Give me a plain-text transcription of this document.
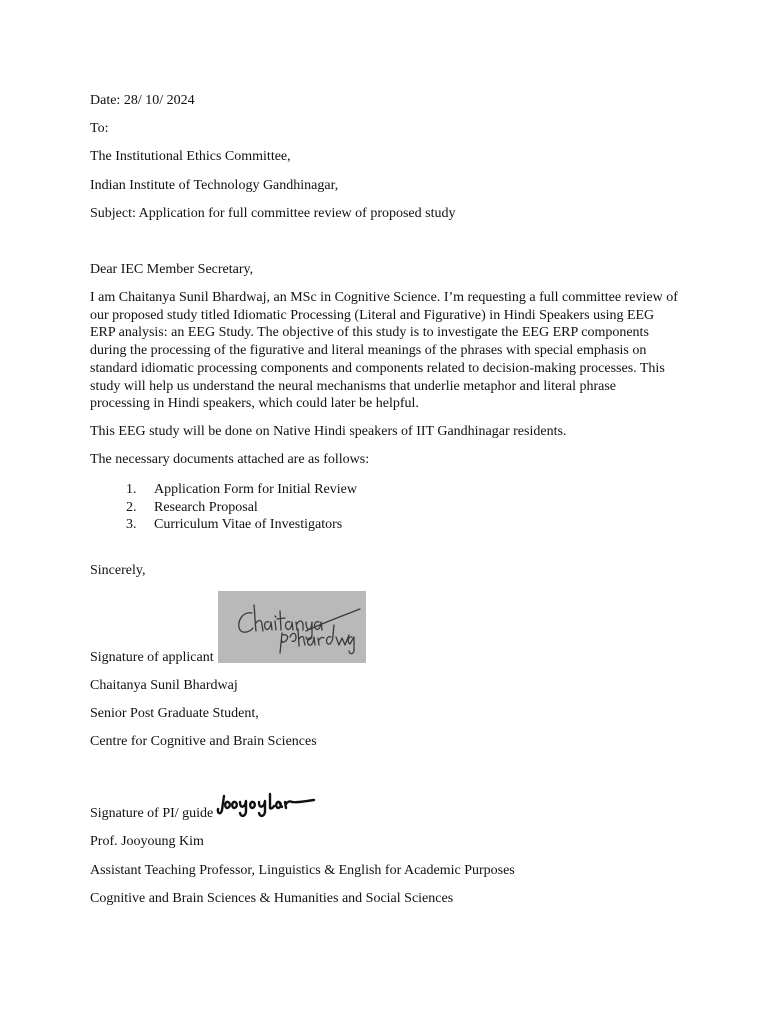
Date: 28/ 10/ 2024
To:
The Institutional Ethics Committee,
Indian Institute of Technology Gandhinagar,
Subject: Application for full committee review of proposed study
Dear IEC Member Secretary,
I am Chaitanya Sunil Bhardwaj, an MSc in Cognitive Science. I’m requesting a full committee review of our proposed study titled Idiomatic Processing (Literal and Figurative) in Hindi Speakers using EEG ERP analysis: an EEG Study. The objective of this study is to investigate the EEG ERP components during the processing of the figurative and literal meanings of the phrases with special emphasis on standard idiomatic processing components and components related to decision-making processes. This study will help us understand the neural mechanisms that underlie metaphor and literal phrase processing in Hindi speakers, which could later be helpful.
This EEG study will be done on Native Hindi speakers of IIT Gandhinagar residents.
The necessary documents attached are as follows:
1. Application Form for Initial Review
2. Research Proposal
3. Curriculum Vitae of Investigators
Sincerely,
Signature of applicant
Chaitanya Sunil Bhardwaj
Senior Post Graduate Student,
Centre for Cognitive and Brain Sciences
Signature of PI/ guide
Prof. Jooyoung Kim
Assistant Teaching Professor, Linguistics & English for Academic Purposes
Cognitive and Brain Sciences & Humanities and Social Sciences
